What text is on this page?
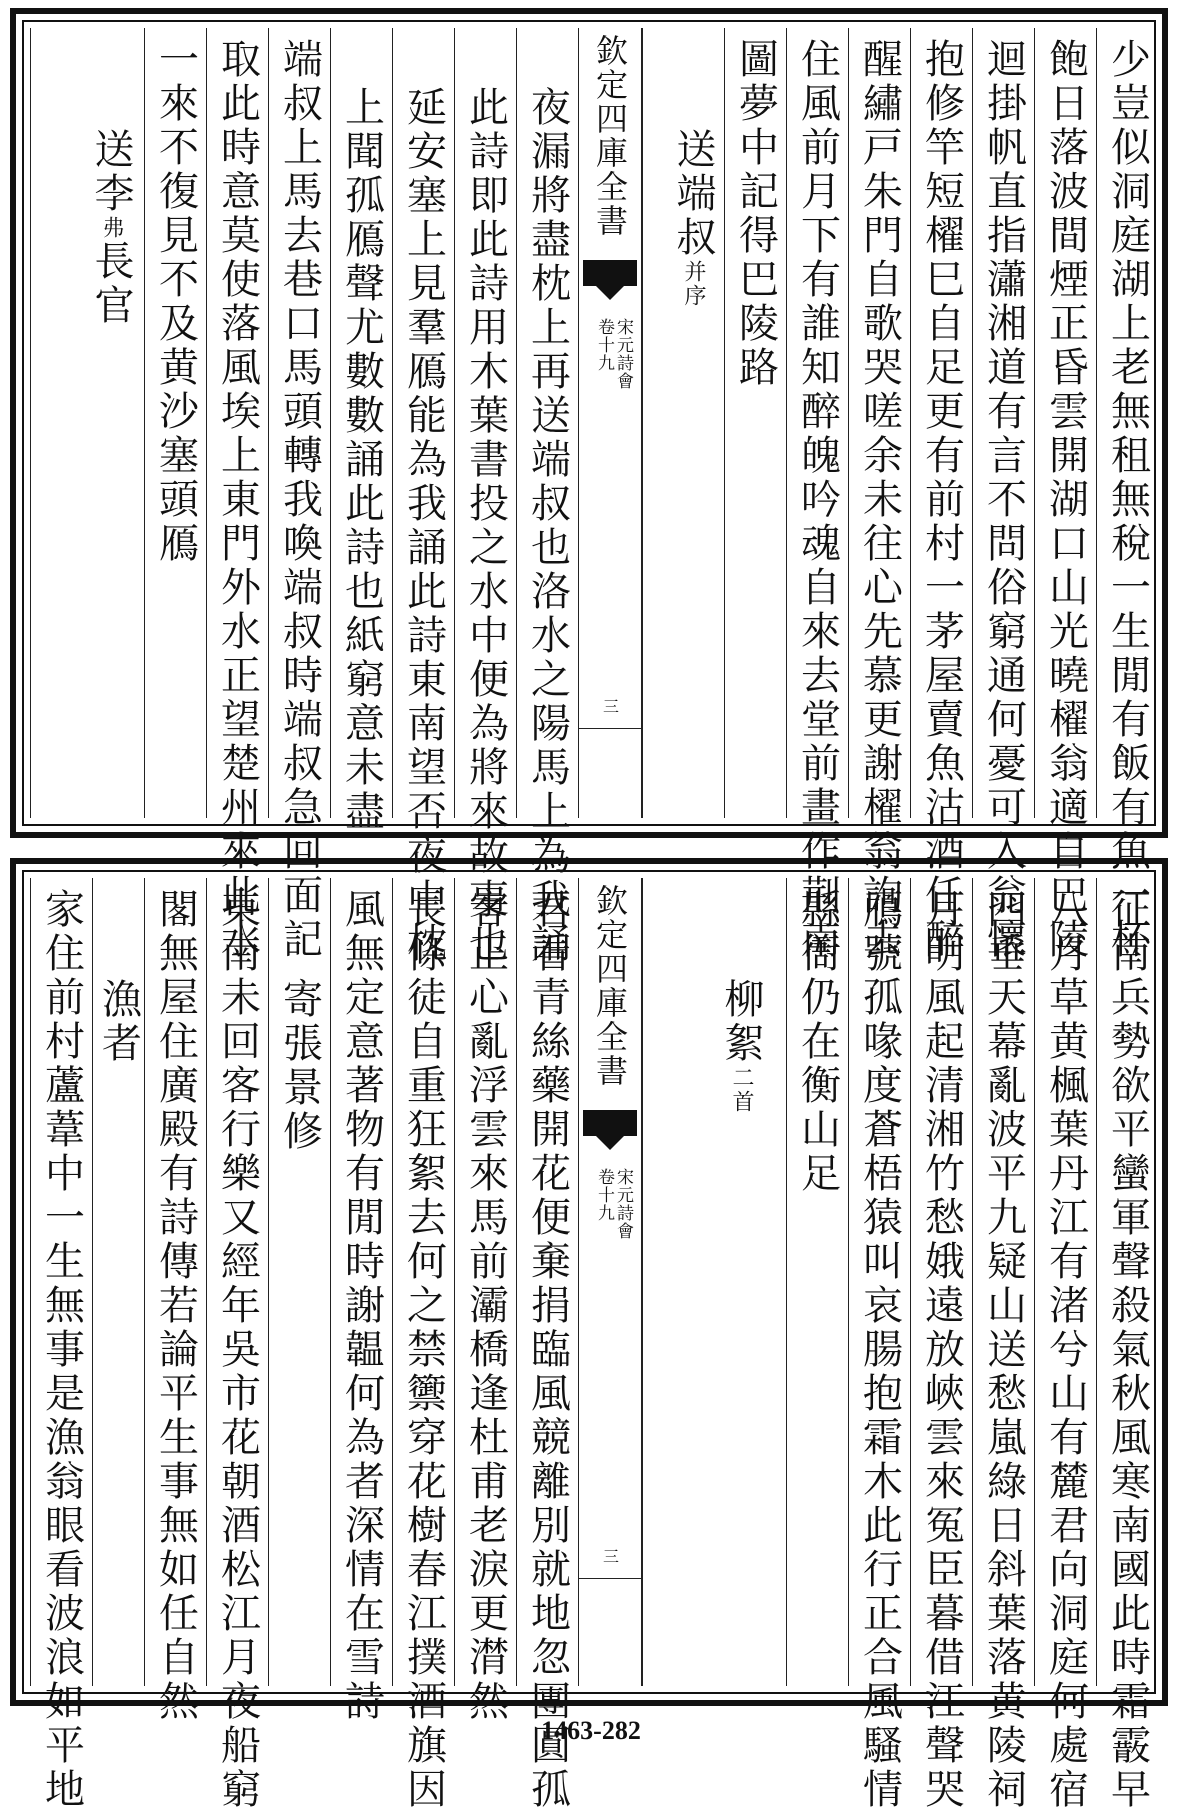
少豈似洞庭湖上老無租無稅一生閒有飯有魚一杯
飽日落波間煙正昏雲開湖口山光曉櫂翁適自巴陵
迴掛帆直指瀟湘道有言不問俗窮通何憂可入翁懷
抱修竿短櫂巳自足更有前村一茅屋賣魚沽酒任醉
醒繡戸朱門自歌哭嗟余未往心先慕更謝櫂翁詢去
住風前月下有誰知醉魄吟魂自來去堂前畫作荆南
圖夢中記得巴陵路
送端叔并序
欽定四庫全書
宋元詩會
卷十九
三
夜漏將盡枕上再送端叔也洛水之陽馬上為我誦
此詩即此詩用木葉書投之水中便為將來故事也
延安塞上見羣鴈能為我誦此詩東南望否夜中枕
上聞孤鴈聲尤數數誦此詩也紙窮意未盡
端叔上馬去巷口馬頭轉我喚端叔時端叔急回面記
取此時意莫使落風埃上東門外水正望楚州來此水
一來不復見不及黄沙塞頭鴈
送李弗長官
征南兵勢欲平蠻軍聲殺氣秋風寒南國此時霜霰早
八月草黄楓葉丹江有渚兮山有麓君向洞庭何處宿
四垂天幕亂波平九疑山送愁嵐綠日斜葉落黄陵祠
月明風起清湘竹愁娥遠放峽雲來冤臣暮借江聲哭
鴈號孤喙度蒼梧猿叫哀腸抱霜木此行正合風騷情
縣衙仍在衡山足
柳絮二首
欽定四庫全書
宋元詩會
卷十九
三
君看青絲藥開花便棄捐臨風競離別就地忽團圓孤
客正心亂浮雲來馬前灞橋逢杜甫老淚更潸然
長條徒自重狂絮去何之禁籞穿花樹春江撲酒旗因
風無定意著物有閒時謝韞何為者深情在雪詩
寄張景修
東南未回客行樂又經年吳市花朝酒松江月夜船窮
閣無屋住廣殿有詩傳若論平生事無如任自然
漁者
家住前村蘆葦中一生無事是漁翁眼看波浪如平地	1463-282
